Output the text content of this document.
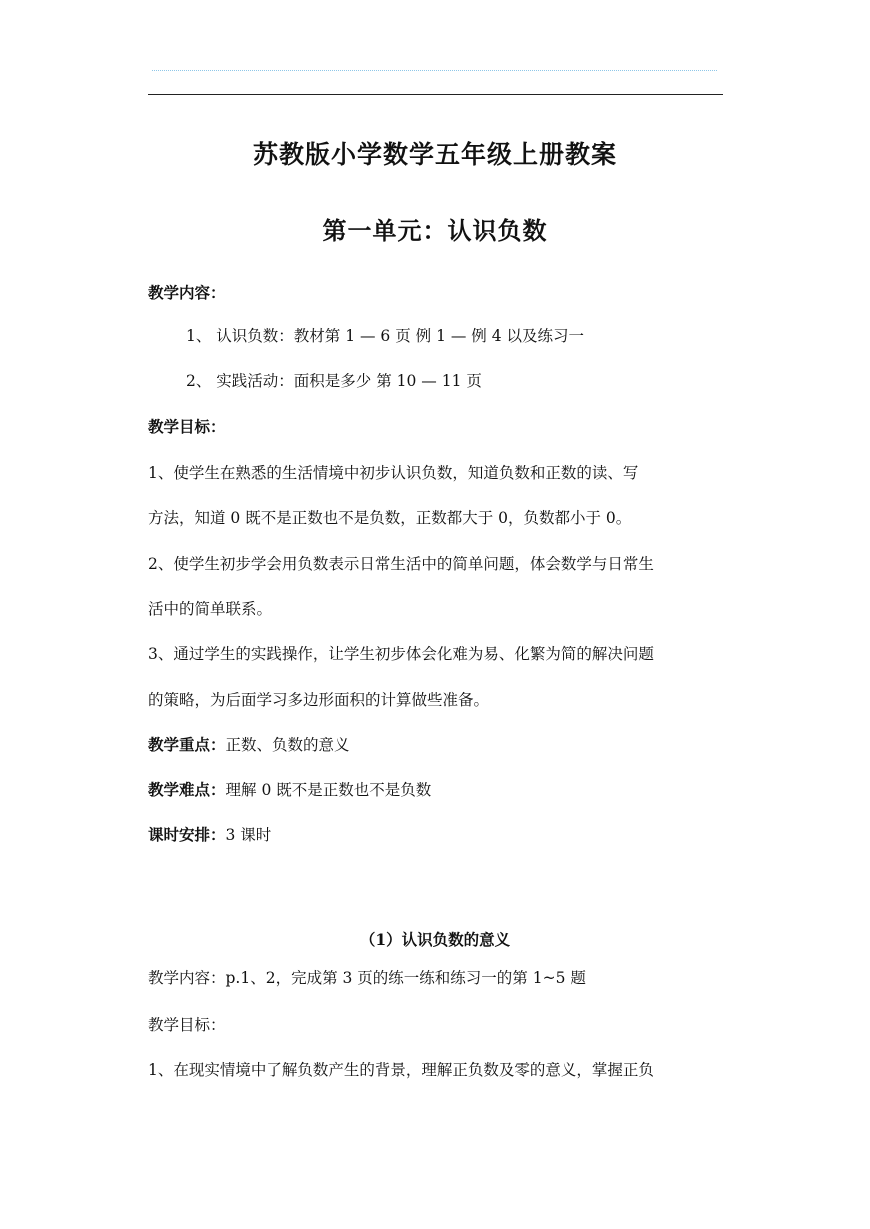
苏教版小学数学五年级上册教案
第一单元：认识负数
教学内容：
1、 认识负数：教材第 1 — 6 页 例 1 — 例 4 以及练习一
2、 实践活动：面积是多少 第 10 — 11 页
教学目标：
1、使学生在熟悉的生活情境中初步认识负数，知道负数和正数的读、写
方法，知道 0 既不是正数也不是负数，正数都大于 0，负数都小于 0。
2、使学生初步学会用负数表示日常生活中的简单问题，体会数学与日常生
活中的简单联系。
3、通过学生的实践操作，让学生初步体会化难为易、化繁为简的解决问题
的策略，为后面学习多边形面积的计算做些准备。
教学重点：正数、负数的意义
教学难点：理解 0 既不是正数也不是负数
课时安排：3 课时
（1）认识负数的意义
教学内容：p.1、2，完成第 3 页的练一练和练习一的第 1~5 题
教学目标：
1、在现实情境中了解负数产生的背景，理解正负数及零的意义，掌握正负
